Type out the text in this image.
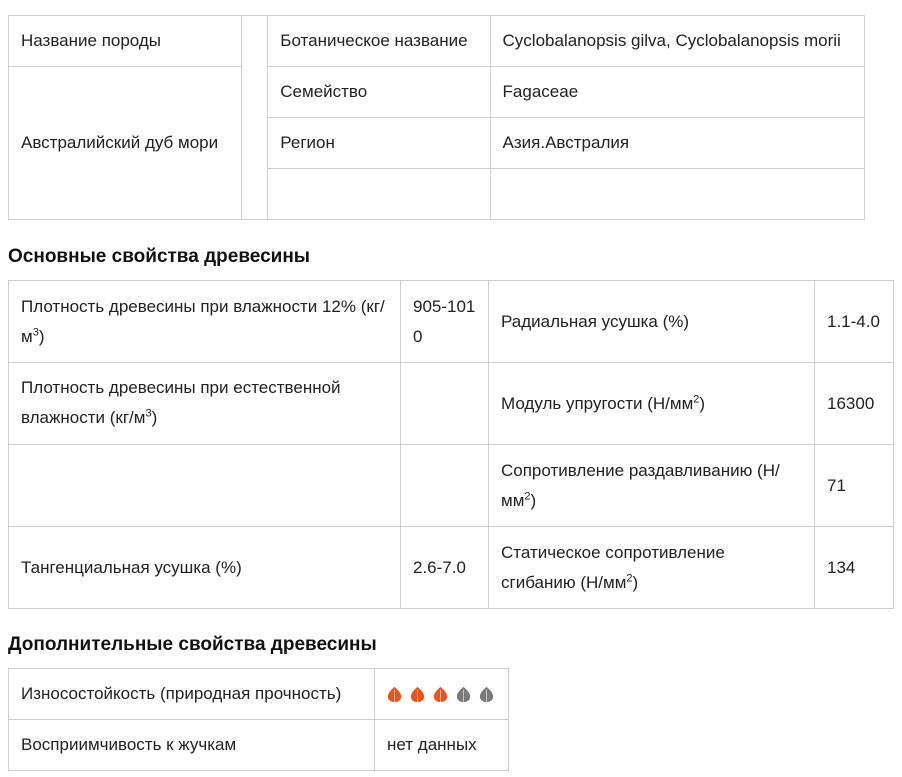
Название породы		Ботаническое название	Cyclobalanopsis gilva, Cyclobalanopsis morii
Австралийский дуб мори		Семейство	Fagaceae
		Регион	Азия.Австралия

Основные свойства древесины
Плотность древесины при влажности 12% $(кг/м^3)$	905-1010	Радиальная усушка (%)	1.1-4.0
Плотность древесины при естественной влажности $(кг/м^3)$		Модуль упругости $(Н/мм^2)$	16300
		Сопротивление раздавливанию $(Н/мм^2)$	71
Тангенциальная усушка (%)	2.6-7.0	Статическое сопротивление сгибанию $(Н/мм^2)$	134
Дополнительные свойства древесины
Износостойкость (природная прочность)	

Восприимчивость к жучкам	нет данных
